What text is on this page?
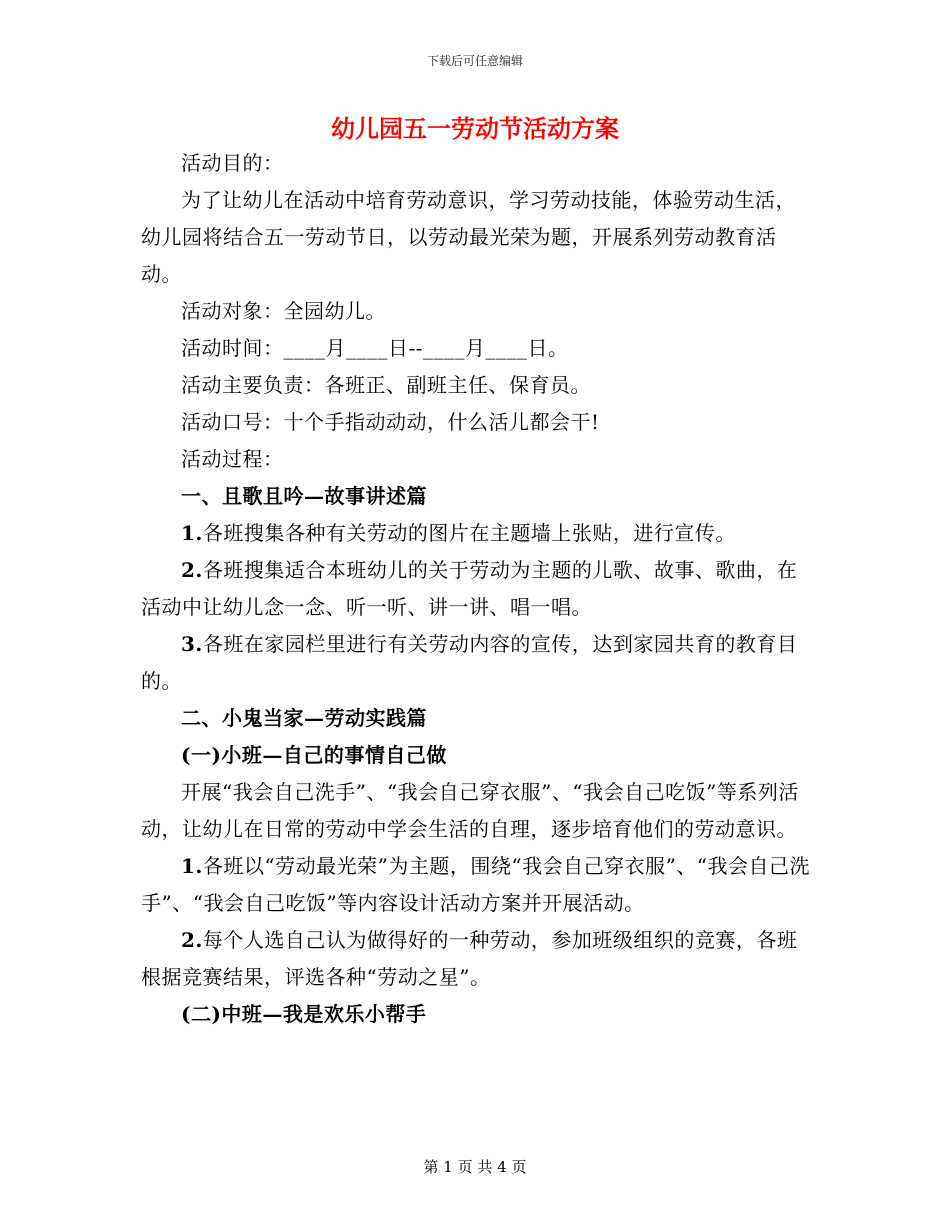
下载后可任意编辑
幼儿园五一劳动节活动方案

活动目的：

为了让幼儿在活动中培育劳动意识，学习劳动技能，体验劳动生活，幼儿园将结合五一劳动节日，以劳动最光荣为题，开展系列劳动教育活动。

活动对象：全园幼儿。

活动时间：____月____日--____月____日。

活动主要负责：各班正、副班主任、保育员。

活动口号：十个手指动动动，什么活儿都会干!

活动过程：

一、且歌且吟—故事讲述篇

1.各班搜集各种有关劳动的图片在主题墙上张贴，进行宣传。

2.各班搜集适合本班幼儿的关于劳动为主题的儿歌、故事、歌曲，在活动中让幼儿念一念、听一听、讲一讲、唱一唱。

3.各班在家园栏里进行有关劳动内容的宣传，达到家园共育的教育目的。

二、小鬼当家—劳动实践篇

(一)小班—自己的事情自己做

开展“我会自己洗手”、“我会自己穿衣服”、“我会自己吃饭”等系列活动，让幼儿在日常的劳动中学会生活的自理，逐步培育他们的劳动意识。

1.各班以“劳动最光荣”为主题，围绕“我会自己穿衣服”、“我会自己洗手”、“我会自己吃饭”等内容设计活动方案并开展活动。

2.每个人选自己认为做得好的一种劳动，参加班级组织的竞赛，各班根据竞赛结果，评选各种“劳动之星”。

(二)中班—我是欢乐小帮手

第 1 页 共 4 页
